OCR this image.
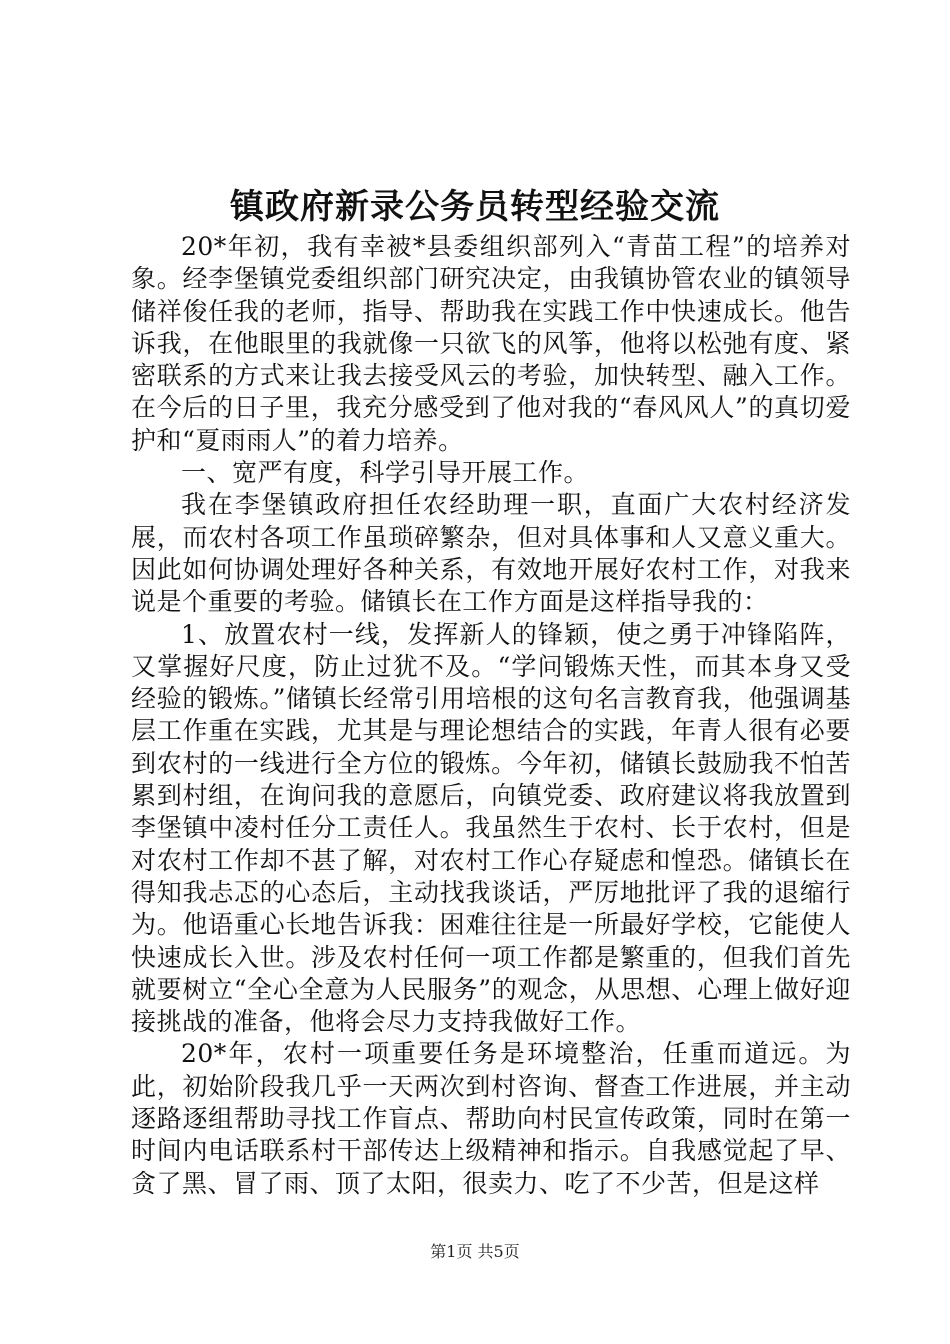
镇政府新录公务员转型经验交流

20*年初，我有幸被*县委组织部列入“青苗工程”的培养对象。经李堡镇党委组织部门研究决定，由我镇协管农业的镇领导储祥俊任我的老师，指导、帮助我在实践工作中快速成长。他告诉我，在他眼里的我就像一只欲飞的风筝，他将以松弛有度、紧密联系的方式来让我去接受风云的考验，加快转型、融入工作。在今后的日子里，我充分感受到了他对我的“春风风人”的真切爱护和“夏雨雨人”的着力培养。

一、宽严有度，科学引导开展工作。

我在李堡镇政府担任农经助理一职，直面广大农村经济发展，而农村各项工作虽琐碎繁杂，但对具体事和人又意义重大。因此如何协调处理好各种关系，有效地开展好农村工作，对我来说是个重要的考验。储镇长在工作方面是这样指导我的：

1、放置农村一线，发挥新人的锋颖，使之勇于冲锋陷阵，又掌握好尺度，防止过犹不及。“学问锻炼天性，而其本身又受经验的锻炼。”储镇长经常引用培根的这句名言教育我，他强调基层工作重在实践，尤其是与理论想结合的实践，年青人很有必要到农村的一线进行全方位的锻炼。今年初，储镇长鼓励我不怕苦累到村组，在询问我的意愿后，向镇党委、政府建议将我放置到李堡镇中凌村任分工责任人。我虽然生于农村、长于农村，但是对农村工作却不甚了解，对农村工作心存疑虑和惶恐。储镇长在得知我忐忑的心态后，主动找我谈话，严厉地批评了我的退缩行为。他语重心长地告诉我：困难往往是一所最好学校，它能使人快速成长入世。涉及农村任何一项工作都是繁重的，但我们首先就要树立“全心全意为人民服务”的观念，从思想、心理上做好迎接挑战的准备，他将会尽力支持我做好工作。

20*年，农村一项重要任务是环境整治，任重而道远。为此，初始阶段我几乎一天两次到村咨询、督查工作进展，并主动逐路逐组帮助寻找工作盲点、帮助向村民宣传政策，同时在第一时间内电话联系村干部传达上级精神和指示。自我感觉起了早、贪了黑、冒了雨、顶了太阳，很卖力、吃了不少苦，但是这样

第1页 共5页
